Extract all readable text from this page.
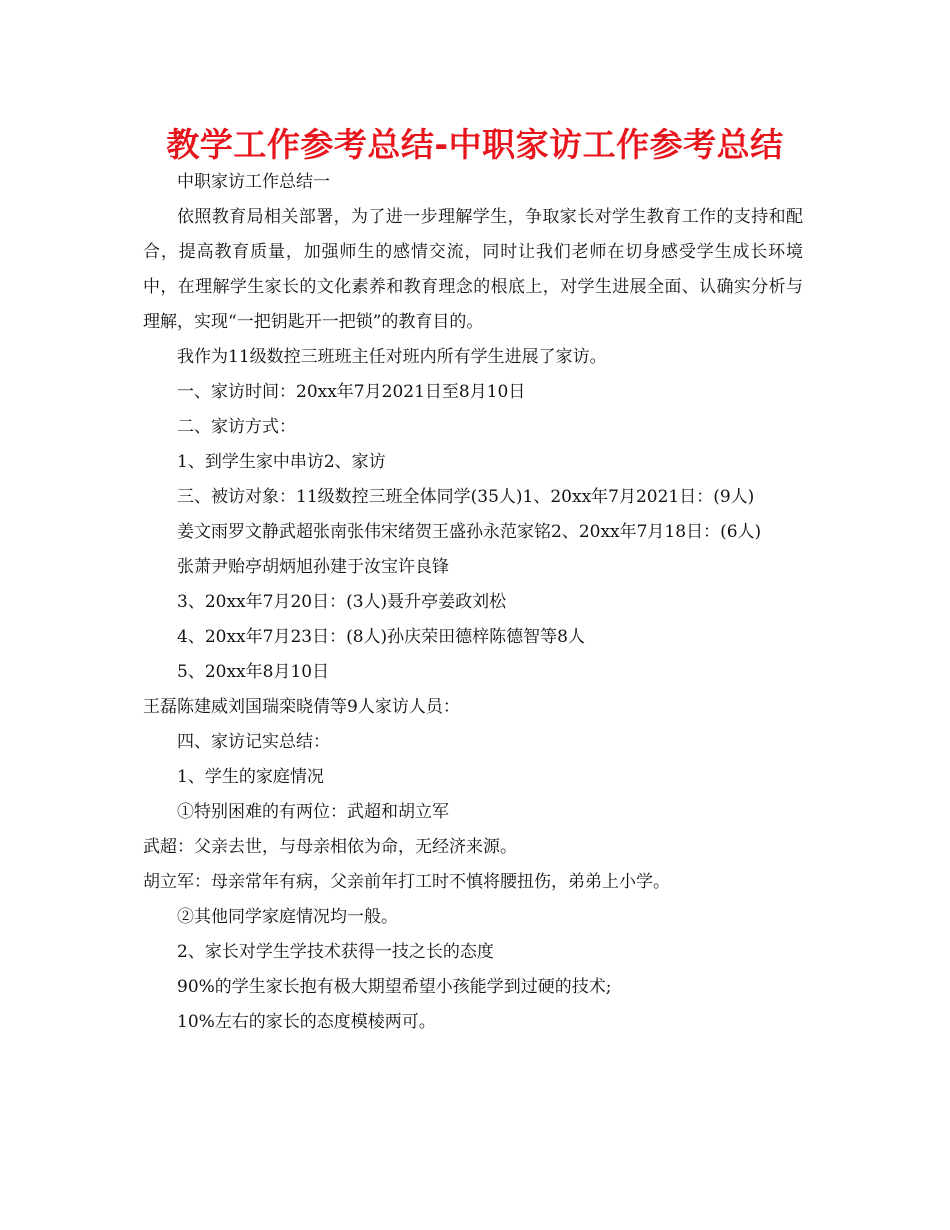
教学工作参考总结-中职家访工作参考总结

中职家访工作总结一

依照教育局相关部署，为了进一步理解学生，争取家长对学生教育工作的支持和配合，提高教育质量，加强师生的感情交流，同时让我们老师在切身感受学生成长环境中，在理解学生家长的文化素养和教育理念的根底上，对学生进展全面、认确实分析与理解，实现“一把钥匙开一把锁”的教育目的。

我作为11级数控三班班主任对班内所有学生进展了家访。

一、家访时间：20xx年7月2021日至8月10日

二、家访方式：

1、到学生家中串访2、家访

三、被访对象：11级数控三班全体同学(35人)1、20xx年7月2021日：(9人)

姜文雨罗文静武超张南张伟宋绪贺王盛孙永范家铭2、20xx年7月18日：(6人)

张萧尹贻亭胡炳旭孙建于汝宝许良锋

3、20xx年7月20日：(3人)聂升亭姜政刘松

4、20xx年7月23日：(8人)孙庆荣田德梓陈德智等8人

5、20xx年8月10日

王磊陈建威刘国瑞栾晓倩等9人家访人员：

四、家访记实总结：

1、学生的家庭情况

①特别困难的有两位：武超和胡立军

武超：父亲去世，与母亲相依为命，无经济来源。

胡立军：母亲常年有病，父亲前年打工时不慎将腰扭伤，弟弟上小学。

②其他同学家庭情况均一般。

2、家长对学生学技术获得一技之长的态度

90%的学生家长抱有极大期望希望小孩能学到过硬的技术;

10%左右的家长的态度模棱两可。
